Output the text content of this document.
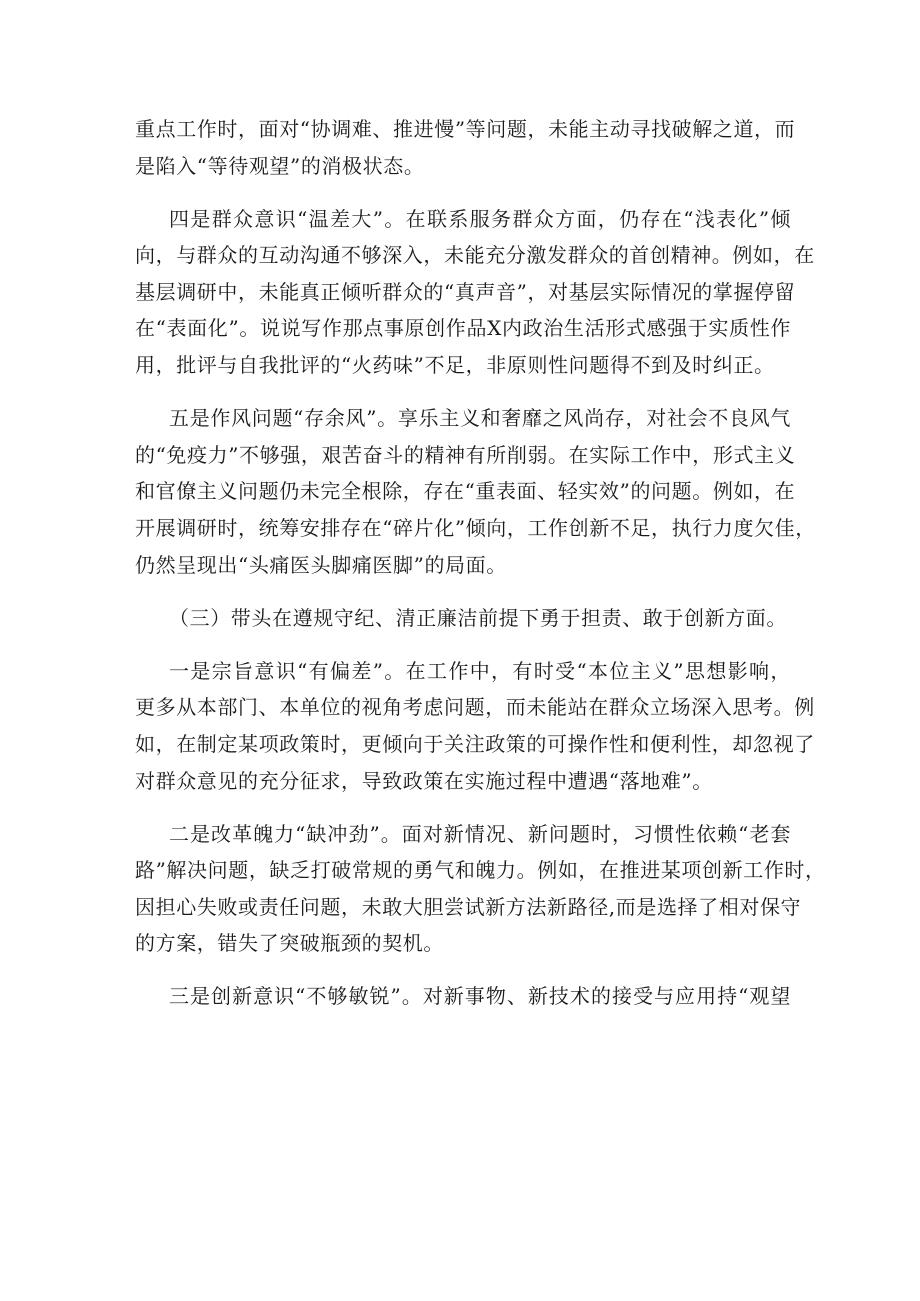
重点工作时，面对“协调难、推进慢”等问题，未能主动寻找破解之道，而
是陷入“等待观望”的消极状态。

四是群众意识“温差大”。在联系服务群众方面，仍存在“浅表化”倾
向，与群众的互动沟通不够深入，未能充分激发群众的首创精神。例如，在
基层调研中，未能真正倾听群众的“真声音”，对基层实际情况的掌握停留
在“表面化”。说说写作那点事原创作品X内政治生活形式感强于实质性作
用，批评与自我批评的“火药味”不足，非原则性问题得不到及时纠正。

五是作风问题“存余风”。享乐主义和奢靡之风尚存，对社会不良风气
的“免疫力”不够强，艰苦奋斗的精神有所削弱。在实际工作中，形式主义
和官僚主义问题仍未完全根除，存在“重表面、轻实效”的问题。例如，在
开展调研时，统筹安排存在“碎片化”倾向，工作创新不足，执行力度欠佳，
仍然呈现出“头痛医头脚痛医脚”的局面。

（三）带头在遵规守纪、清正廉洁前提下勇于担责、敢于创新方面。

一是宗旨意识“有偏差”。在工作中，有时受“本位主义”思想影响，
更多从本部门、本单位的视角考虑问题，而未能站在群众立场深入思考。例
如，在制定某项政策时，更倾向于关注政策的可操作性和便利性，却忽视了
对群众意见的充分征求，导致政策在实施过程中遭遇“落地难”。

二是改革魄力“缺冲劲”。面对新情况、新问题时，习惯性依赖“老套
路”解决问题，缺乏打破常规的勇气和魄力。例如，在推进某项创新工作时，
因担心失败或责任问题，未敢大胆尝试新方法新路径,而是选择了相对保守
的方案，错失了突破瓶颈的契机。

三是创新意识“不够敏锐”。对新事物、新技术的接受与应用持“观望
